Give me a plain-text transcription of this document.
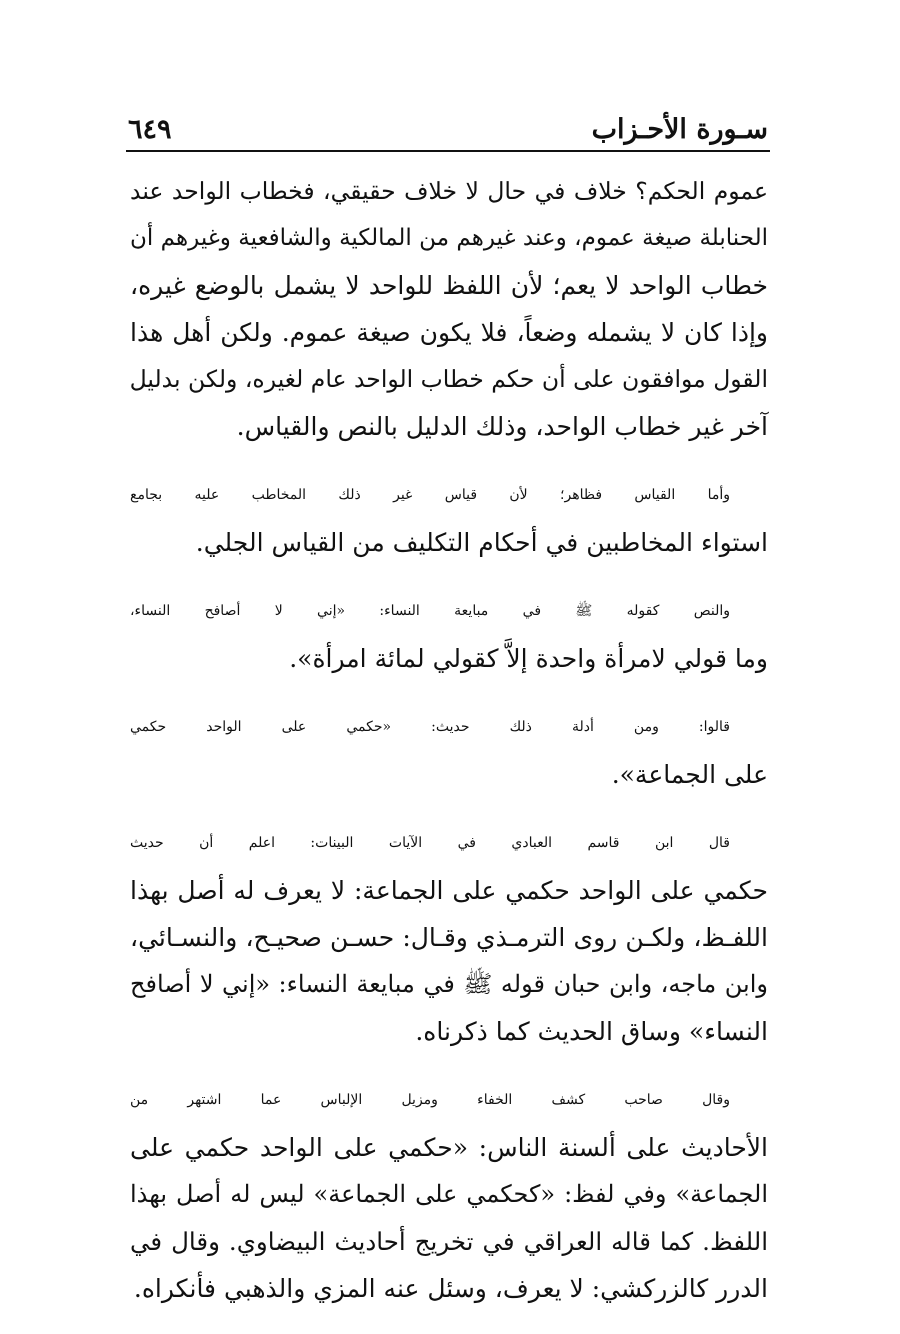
سـورة الأحـزاب
٦٤٩

عموم الحكم؟ خلاف في حال لا خلاف حقيقي، فخطاب الواحد عند
الحنابلة صيغة عموم، وعند غيرهم من المالكية والشافعية وغيرهم أن
خطاب الواحد لا يعم؛ لأن اللفظ للواحد لا يشمل بالوضع غيره،
وإذا كان لا يشمله وضعاً، فلا يكون صيغة عموم. ولكن أهل هذا
القول موافقون على أن حكم خطاب الواحد عام لغيره، ولكن بدليل
آخر غير خطاب الواحد، وذلك الدليل بالنص والقياس.

وأما القياس فظاهر؛ لأن قياس غير ذلك المخاطب عليه بجامع
استواء المخاطبين في أحكام التكليف من القياس الجلي.

والنص كقوله ﷺ في مبايعة النساء: «إني لا أصافح النساء،
وما قولي لامرأة واحدة إلاَّ كقولي لمائة امرأة».

قالوا: ومن أدلة ذلك حديث: «حكمي على الواحد حكمي
على الجماعة».

قال ابن قاسم العبادي في الآيات البينات: اعلم أن حديث
حكمي على الواحد حكمي على الجماعة: لا يعرف له أصل بهذا
اللفـظ، ولكـن روى الترمـذي وقـال: حسـن صحيـح، والنسـائي،
وابن ماجه، وابن حبان قوله ﷺ في مبايعة النساء: «إني لا أصافح
النساء» وساق الحديث كما ذكرناه.

وقال صاحب كشف الخفاء ومزيل الإلباس عما اشتهر من
الأحاديث على ألسنة الناس: «حكمي على الواحد حكمي على
الجماعة» وفي لفظ: «كحكمي على الجماعة» ليس له أصل بهذا
اللفظ. كما قاله العراقي في تخريج أحاديث البيضاوي. وقال في
الدرر كالزركشي: لا يعرف، وسئل عنه المزي والذهبي فأنكراه.
